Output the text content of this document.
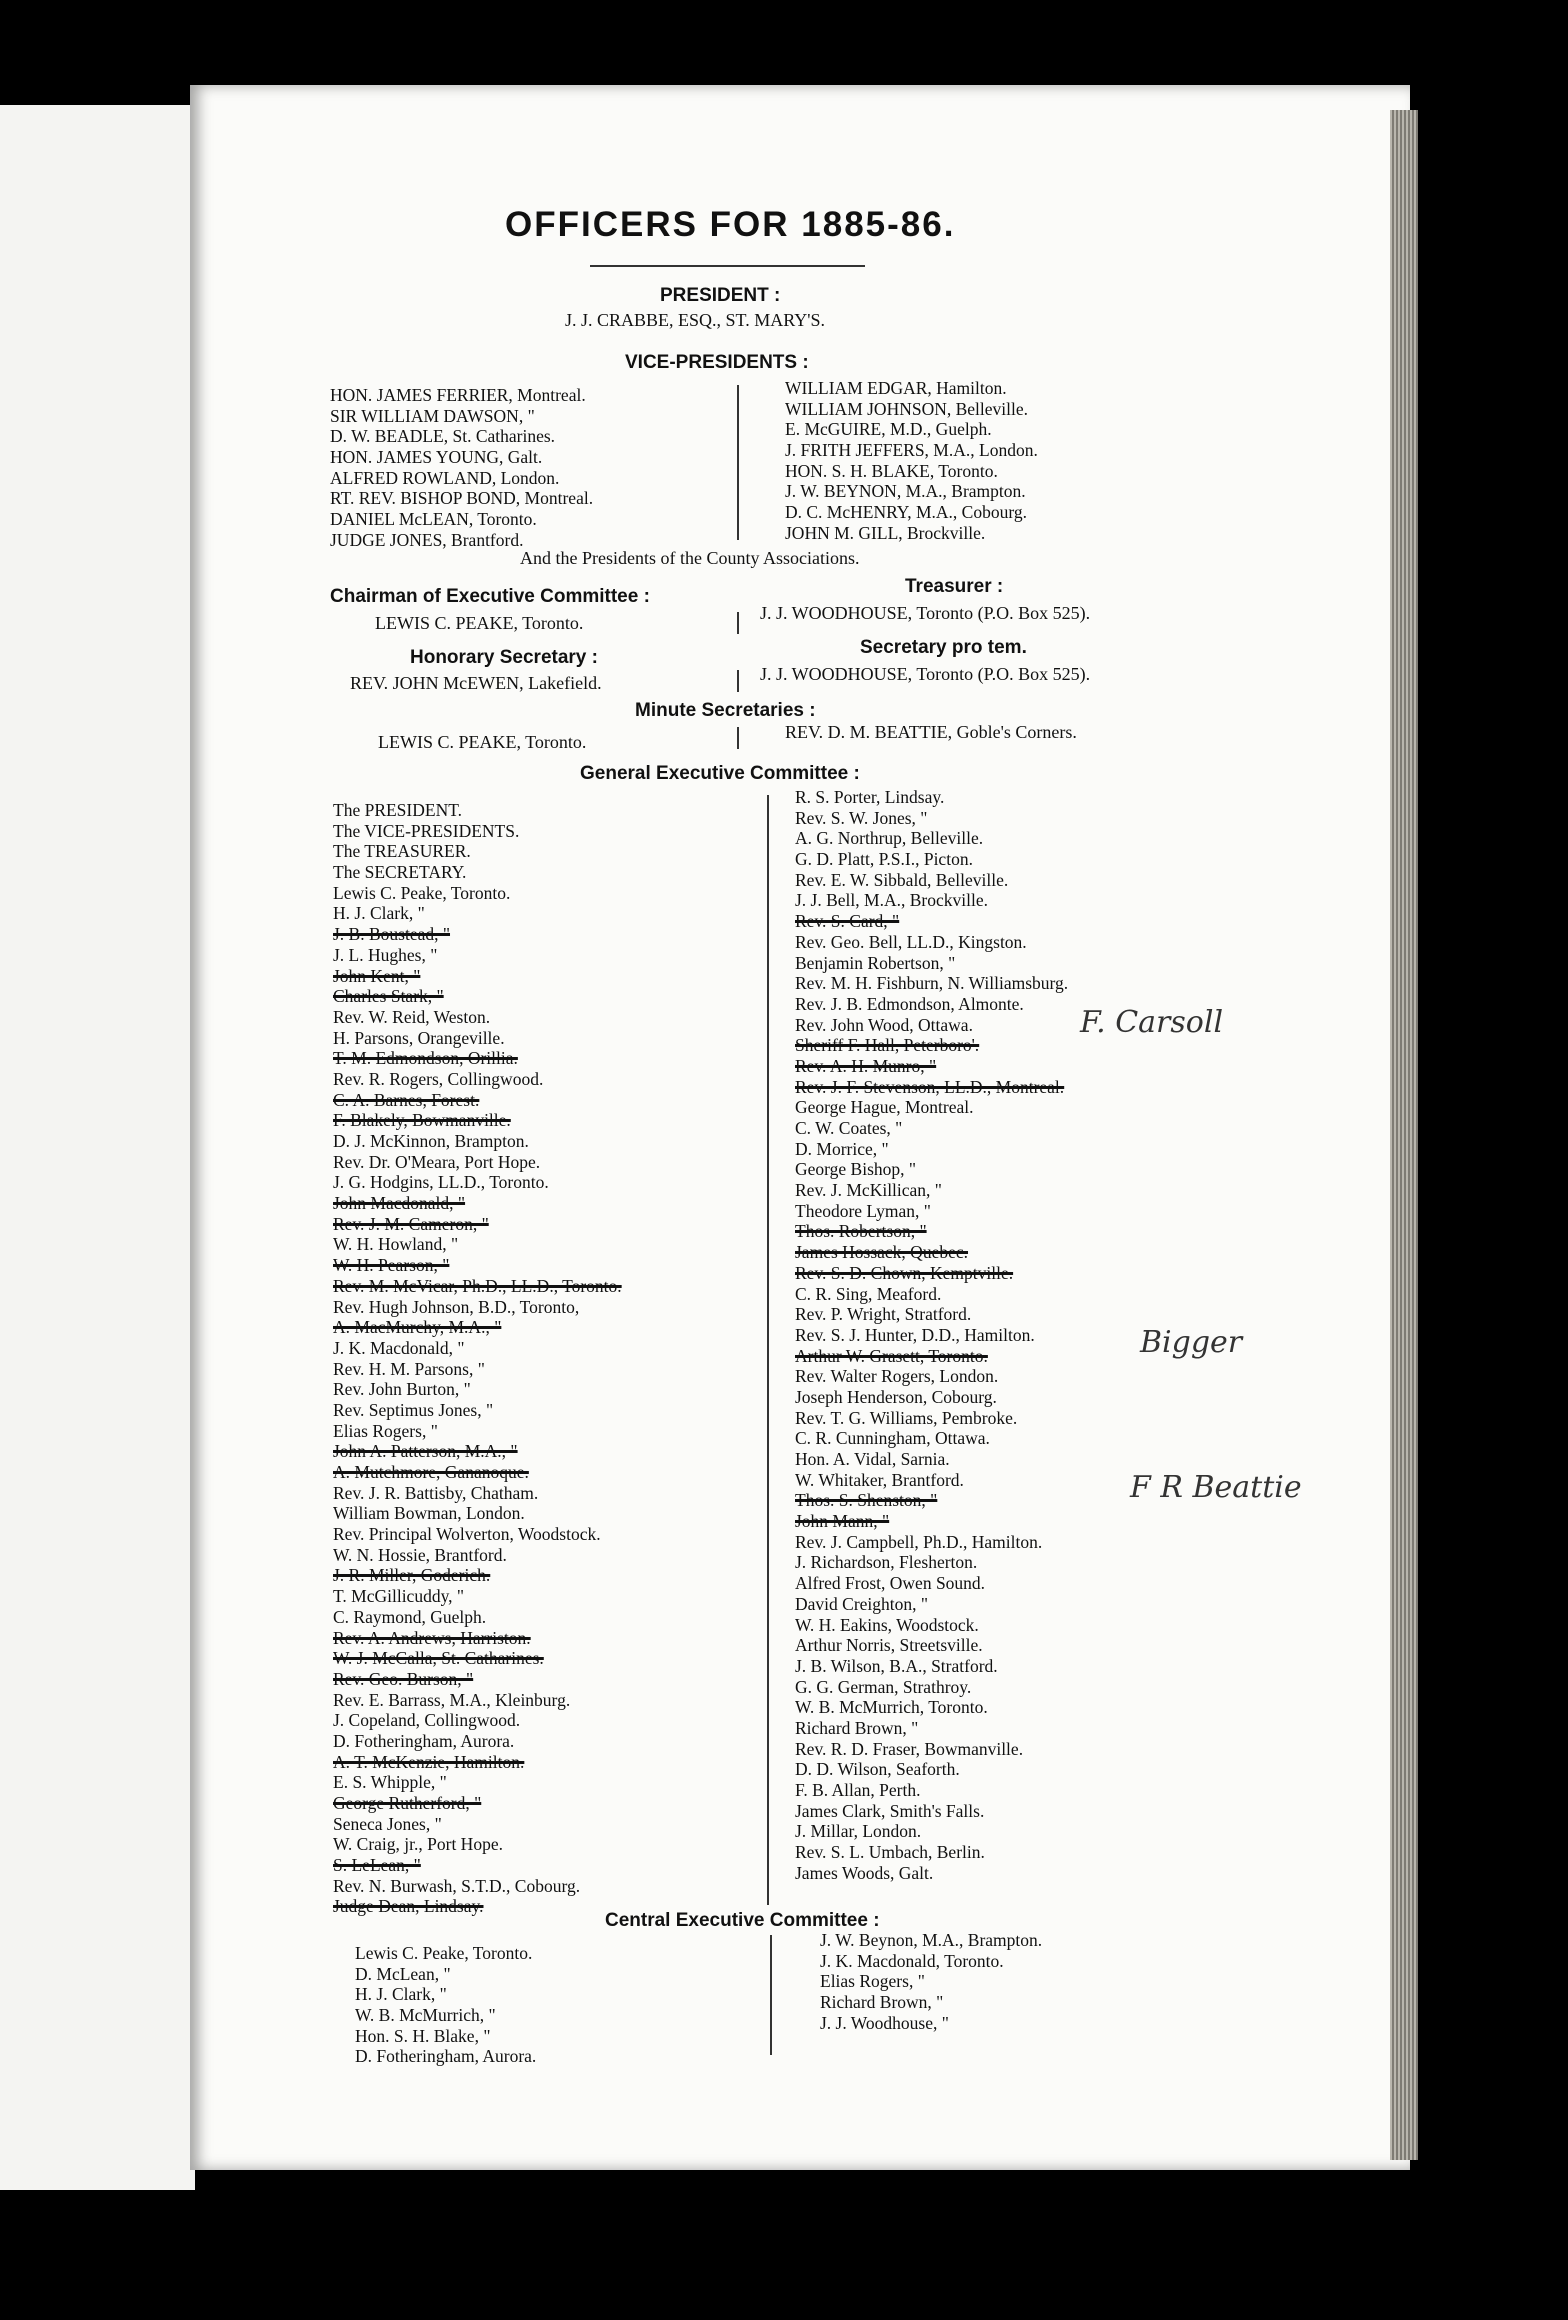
OFFICERS FOR 1885-86.
PRESIDENT :
J. J. CRABBE, ESQ., ST. MARY'S.
VICE-PRESIDENTS :
HON. JAMES FERRIER, Montreal.
SIR WILLIAM DAWSON, "
D. W. BEADLE, St. Catharines.
HON. JAMES YOUNG, Galt.
ALFRED ROWLAND, London.
RT. REV. BISHOP BOND, Montreal.
DANIEL McLEAN, Toronto.
JUDGE JONES, Brantford.
WILLIAM EDGAR, Hamilton.
WILLIAM JOHNSON, Belleville.
E. McGUIRE, M.D., Guelph.
J. FRITH JEFFERS, M.A., London.
HON. S. H. BLAKE, Toronto.
J. W. BEYNON, M.A., Brampton.
D. C. McHENRY, M.A., Cobourg.
JOHN M. GILL, Brockville.
And the Presidents of the County Associations.
Chairman of Executive Committee :
LEWIS C. PEAKE, Toronto.
Treasurer :
J. J. WOODHOUSE, Toronto (P.O. Box 525).
Honorary Secretary :
REV. JOHN McEWEN, Lakefield.
Secretary pro tem.
J. J. WOODHOUSE, Toronto (P.O. Box 525).
Minute Secretaries :
LEWIS C. PEAKE, Toronto.	REV. D. M. BEATTIE, Goble's Corners.
General Executive Committee :
The PRESIDENT.
The VICE-PRESIDENTS.
The TREASURER.
The SECRETARY.
Lewis C. Peake, Toronto.
H. J. Clark, "
J. B. Boustead, "
J. L. Hughes, "
John Kent, "
Charles Stark, "
Rev. W. Reid, Weston.
H. Parsons, Orangeville.
T. M. Edmondson, Orillia.
Rev. R. Rogers, Collingwood.
C. A. Barnes, Forest.
F. Blakely, Bowmanville.
D. J. McKinnon, Brampton.
Rev. Dr. O'Meara, Port Hope.
J. G. Hodgins, LL.D., Toronto.
John Macdonald, "
Rev. J. M. Cameron, "
W. H. Howland, "
W. H. Pearson, "
Rev. M. McVicar, Ph.D., LL.D., Toronto.
Rev. Hugh Johnson, B.D., Toronto,
A. MacMurchy, M.A., "
J. K. Macdonald, "
Rev. H. M. Parsons, "
Rev. John Burton, "
Rev. Septimus Jones, "
Elias Rogers, "
John A. Patterson, M.A., "
A. Mutchmore, Gananoque.
Rev. J. R. Battisby, Chatham.
William Bowman, London.
Rev. Principal Wolverton, Woodstock.
W. N. Hossie, Brantford.
J. R. Miller, Goderich.
T. McGillicuddy, "
C. Raymond, Guelph.
Rev. A. Andrews, Harriston.
W. J. McCalla, St. Catharines.
Rev. Geo. Burson, "
Rev. E. Barrass, M.A., Kleinburg.
J. Copeland, Collingwood.
D. Fotheringham, Aurora.
A. T. McKenzie, Hamilton.
E. S. Whipple, "
George Rutherford, "
Seneca Jones, "
W. Craig, jr., Port Hope.
S. LeLean, "
Rev. N. Burwash, S.T.D., Cobourg.
Judge Dean, Lindsay.
R. S. Porter, Lindsay.
Rev. S. W. Jones, "
A. G. Northrup, Belleville.
G. D. Platt, P.S.I., Picton.
Rev. E. W. Sibbald, Belleville.
J. J. Bell, M.A., Brockville.
Rev. S. Card, "
Rev. Geo. Bell, LL.D., Kingston.
Benjamin Robertson, "
Rev. M. H. Fishburn, N. Williamsburg.
Rev. J. B. Edmondson, Almonte.
Rev. John Wood, Ottawa.
Sheriff F. Hall, Peterboro'.
Rev. A. H. Munro, "
Rev. J. F. Stevenson, LL.D., Montreal.
George Hague, Montreal.
C. W. Coates, "
D. Morrice, "
George Bishop, "
Rev. J. McKillican, "
Theodore Lyman, "
Thos. Robertson, "
James Hossack, Quebec.
Rev. S. D. Chown, Kemptville.
C. R. Sing, Meaford.
Rev. P. Wright, Stratford.
Rev. S. J. Hunter, D.D., Hamilton.
Arthur W. Grasett, Toronto.
Rev. Walter Rogers, London.
Joseph Henderson, Cobourg.
Rev. T. G. Williams, Pembroke.
C. R. Cunningham, Ottawa.
Hon. A. Vidal, Sarnia.
W. Whitaker, Brantford.
Thos. S. Shenston, "
John Mann, "
Rev. J. Campbell, Ph.D., Hamilton.
J. Richardson, Flesherton.
Alfred Frost, Owen Sound.
David Creighton, "
W. H. Eakins, Woodstock.
Arthur Norris, Streetsville.
J. B. Wilson, B.A., Stratford.
G. G. German, Strathroy.
W. B. McMurrich, Toronto.
Richard Brown, "
Rev. R. D. Fraser, Bowmanville.
D. D. Wilson, Seaforth.
F. B. Allan, Perth.
James Clark, Smith's Falls.
J. Millar, London.
Rev. S. L. Umbach, Berlin.
James Woods, Galt.
Central Executive Committee :
Lewis C. Peake, Toronto.
D. McLean, "
H. J. Clark, "
W. B. McMurrich, "
Hon. S. H. Blake, "
D. Fotheringham, Aurora.
J. W. Beynon, M.A., Brampton.
J. K. Macdonald, Toronto.
Elias Rogers, "
Richard Brown, "
J. J. Woodhouse, "
F. Carsoll
Bigger
F R Beattie
